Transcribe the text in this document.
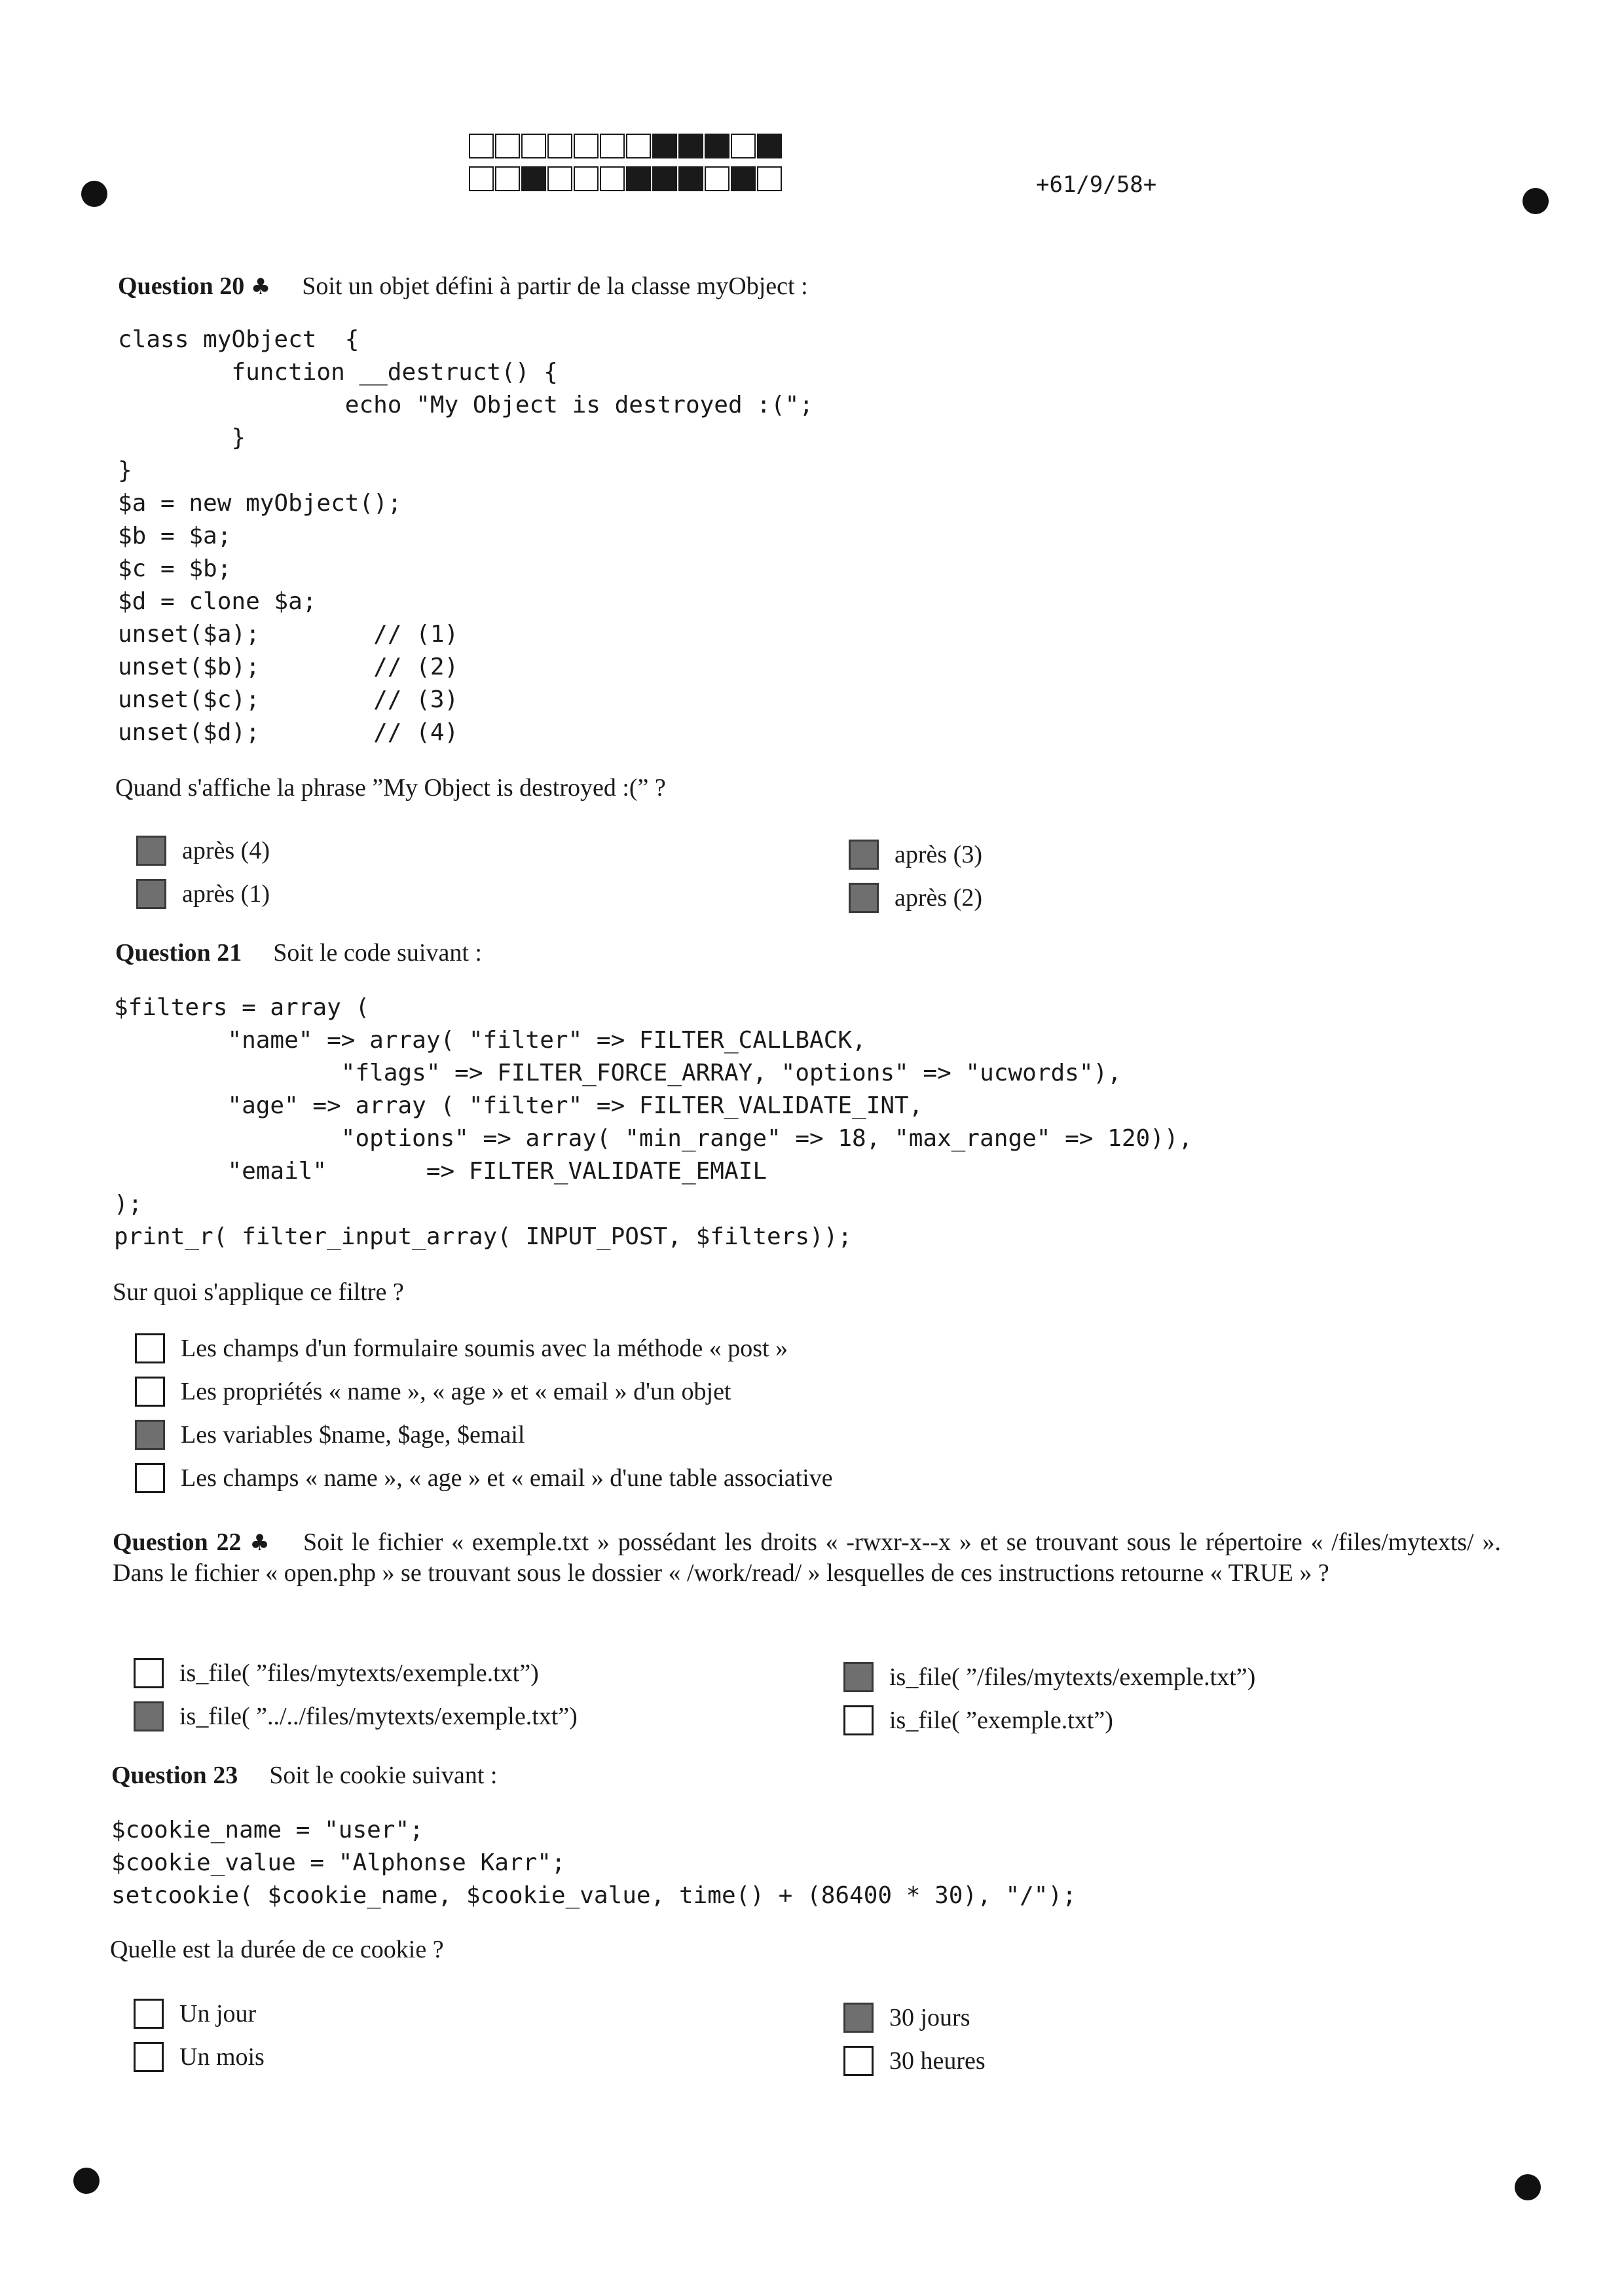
+61/9/58+
Question 20 ♣ Soit un objet défini à partir de la classe myObject :
class myObject  {
function __destruct() {
echo "My Object is destroyed :(";
}
}
$a = new myObject();
$b = $a;
$c = $b;
$d = clone $a;
unset($a);        // (1)
unset($b);        // (2)
unset($c);        // (3)
unset($d);        // (4)
Quand s'affiche la phrase ”My Object is destroyed :(” ?
après (4)
après (1)
après (3)
après (2)
Question 21 Soit le code suivant :
$filters = array (
"name" => array( "filter" => FILTER_CALLBACK,
"flags" => FILTER_FORCE_ARRAY, "options" => "ucwords"),
"age" => array ( "filter" => FILTER_VALIDATE_INT,
"options" => array( "min_range" => 18, "max_range" => 120)),
"email"       => FILTER_VALIDATE_EMAIL
);
print_r( filter_input_array( INPUT_POST, $filters));
Sur quoi s'applique ce filtre ?
Les champs d'un formulaire soumis avec la méthode « post »
Les propriétés « name », « age » et « email » d'un objet
Les variables $name, $age, $email
Les champs « name », « age » et « email » d'une table associative
Question 22 ♣ Soit le fichier « exemple.txt » possédant les droits « -rwxr-x--x » et se trouvant sous le répertoire « /files/mytexts/ ». Dans le fichier « open.php » se trouvant sous le dossier « /work/read/ » lesquelles de ces instructions retourne « TRUE » ?
is_file( ”files/mytexts/exemple.txt”)
is_file( ”../../files/mytexts/exemple.txt”)
is_file( ”/files/mytexts/exemple.txt”)
is_file( ”exemple.txt”)
Question 23 Soit le cookie suivant :
$cookie_name = "user";
$cookie_value = "Alphonse Karr";
setcookie( $cookie_name, $cookie_value, time() + (86400 * 30), "/");
Quelle est la durée de ce cookie ?
Un jour
Un mois
30 jours
30 heures
